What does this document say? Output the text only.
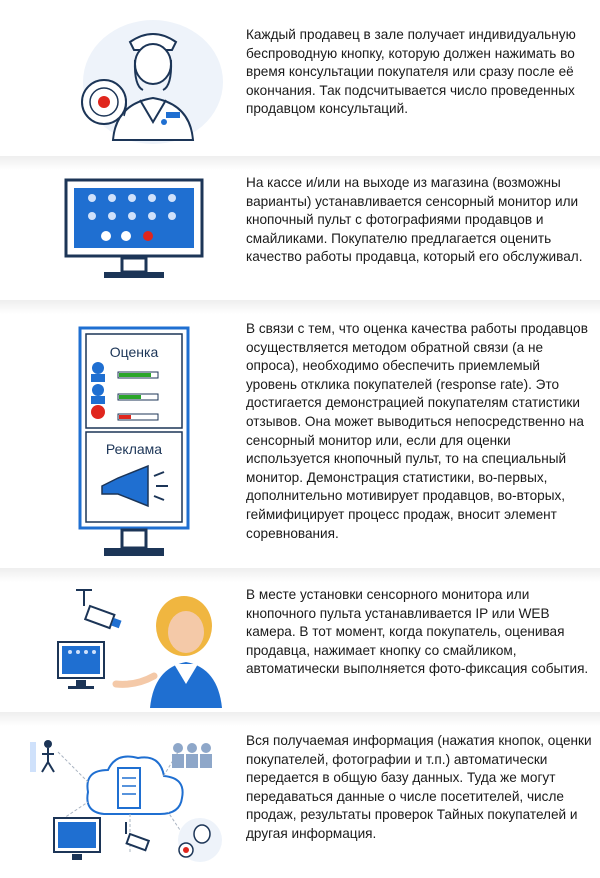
Каждый продавец в зале получает индивидуальную беспроводную кнопку, которую должен нажимать во время консультации покупателя или сразу после её окончания. Так подсчитывается число проведенных продавцом консультаций.
На кассе и/или на выходе из магазина (возможны варианты) устанавливается сенсорный монитор или кнопочный пульт с фотографиями продавцов и смайликами. Покупателю предлагается оценить качество работы продавца, который его обслуживал.
Оценка
Реклама
В связи с тем, что оценка качества работы продавцов осуществляется методом обратной связи (а не опроса), необходимо обеспечить приемлемый уровень отклика покупателей (response rate). Это достигается демонстрацией покупателям статистики отзывов. Она может выводиться непосредственно на сенсорный монитор или, если для оценки используется кнопочный пульт, то на специальный монитор. Демонстрация статистики, во-первых, дополнительно мотивирует продавцов, во-вторых, геймифицирует процесс продаж, вносит элемент соревнования.
В месте установки сенсорного монитора или кнопочного пульта устанавливается IP или WEB камера. В тот момент, когда покупатель, оценивая продавца, нажимает кнопку со смайликом, автоматически выполняется фото-фиксация события.
Вся получаемая информация (нажатия кнопок, оценки покупателей, фотографии и т.п.) автоматически передается в общую базу данных. Туда же могут передаваться данные о числе посетителей, числе продаж, результаты проверок Тайных покупателей и другая информация.
